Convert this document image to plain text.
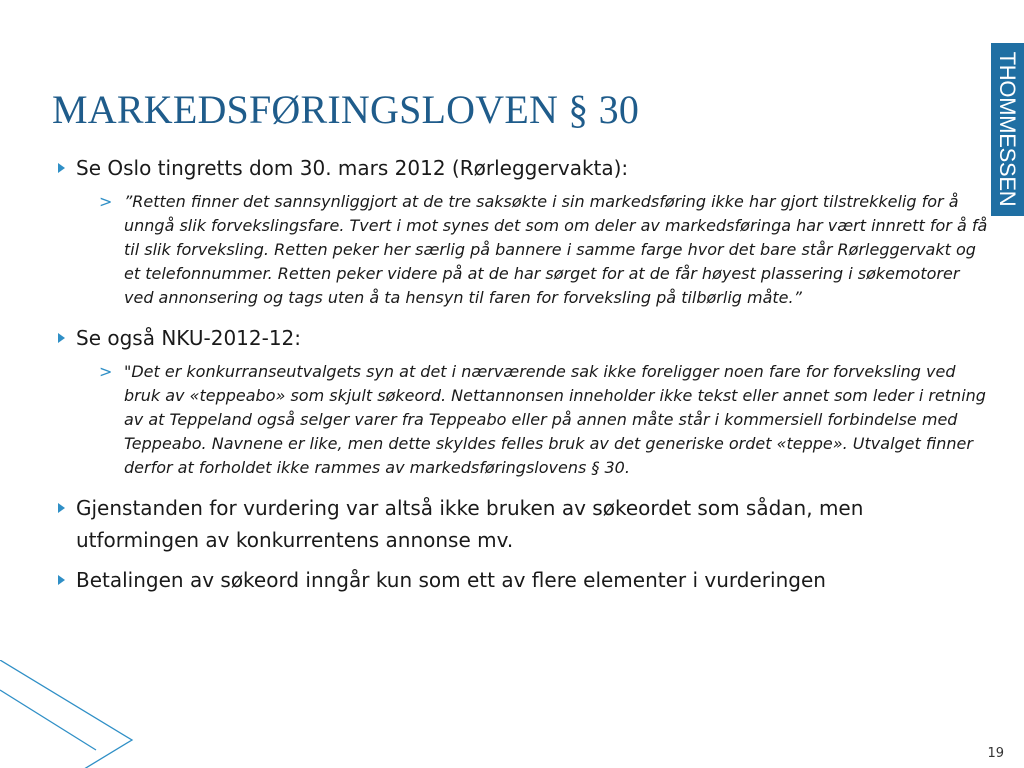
MARKEDSFØRINGSLOVEN § 30	THOMMESSEN
Se Oslo tingretts dom 30. mars 2012 (Rørleggervakta):
> ”Retten finner det sannsynliggjort at de tre saksøkte i sin markedsføring ikke har gjort tilstrekkelig for å unngå slik forvekslingsfare. Tvert i mot synes det som om deler av markedsføringa har vært innrett for å få til slik forveksling. Retten peker her særlig på bannere i samme farge hvor det bare står Rørleggervakt og et telefonnummer. Retten peker videre på at de har sørget for at de får høyest plassering i søkemotorer ved annonsering og tags uten å ta hensyn til faren for forveksling på tilbørlig måte.”
Se også NKU-2012-12:
> "Det er konkurranseutvalgets syn at det i nærværende sak ikke foreligger noen fare for forveksling ved bruk av «teppeabo» som skjult søkeord. Nettannonsen inneholder ikke tekst eller annet som leder i retning av at Teppeland også selger varer fra Teppeabo eller på annen måte står i kommersiell forbindelse med Teppeabo. Navnene er like, men dette skyldes felles bruk av det generiske ordet «teppe». Utvalget finner derfor at forholdet ikke rammes av markedsføringslovens § 30.
Gjenstanden for vurdering var altså ikke bruken av søkeordet som sådan, men utformingen av konkurrentens annonse mv.
Betalingen av søkeord inngår kun som ett av flere elementer i vurderingen
19
